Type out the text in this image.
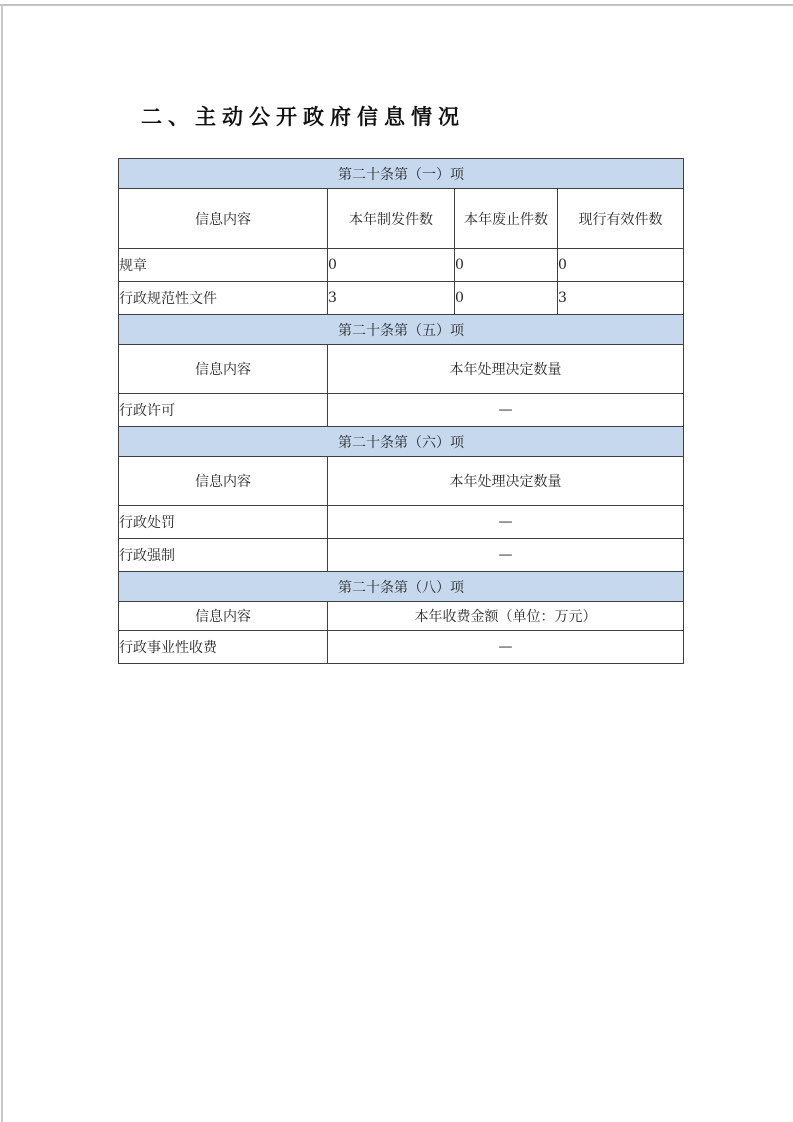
二、主动公开政府信息情况
第二十条第（一）项			
信息内容	本年制发件数	本年废止件数	现行有效件数
规章	0	0	0
行政规范性文件	3	0	3
第二十条第（五）项			
信息内容	本年处理决定数量		
行政许可	—		
第二十条第（六）项			
信息内容	本年处理决定数量		
行政处罚	—		
行政强制	—		
第二十条第（八）项			
信息内容	本年收费金额（单位：万元）		
行政事业性收费	—		
